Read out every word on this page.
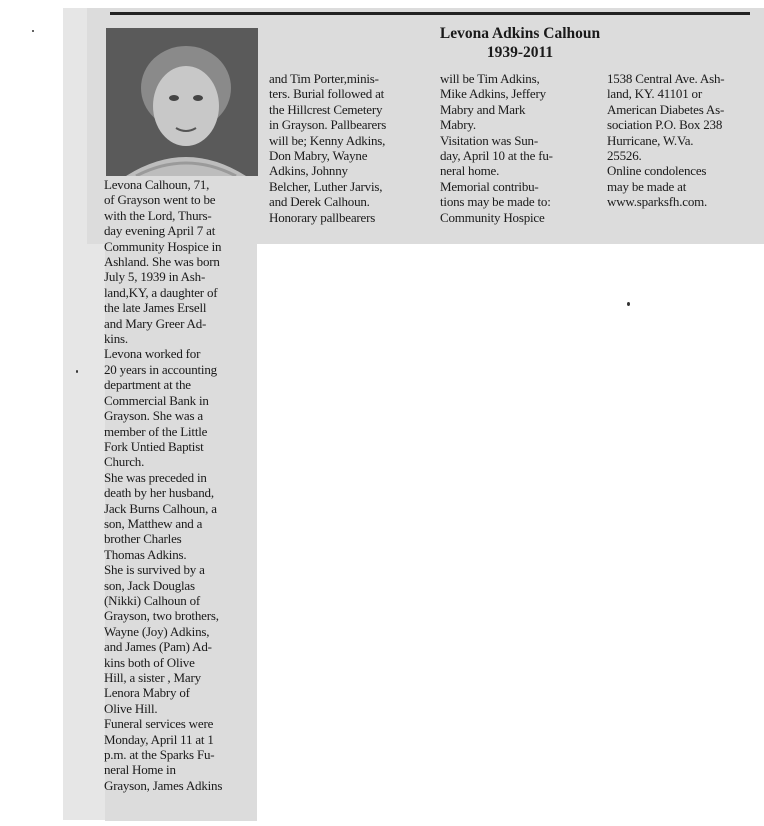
Levona Adkins Calhoun
1939-2011

Levona Calhoun, 71,
of Grayson went to be
with the Lord, Thurs-
day evening April 7 at
Community Hospice in
Ashland. She was born
July 5, 1939 in Ash-
land,KY, a daughter of
the late James Ersell
and Mary Greer Ad-
kins.

Levona worked for
20 years in accounting
department at the
Commercial Bank in
Grayson. She was a
member of the Little
Fork Untied Baptist
Church.

She was preceded in
death by her husband,
Jack Burns Calhoun, a
son, Matthew and a
brother Charles
Thomas Adkins.

She is survived by a
son, Jack Douglas
(Nikki) Calhoun of
Grayson, two brothers,
Wayne (Joy) Adkins,
and James (Pam) Ad-
kins both of Olive
Hill, a sister , Mary
Lenora Mabry of
Olive Hill.

Funeral services were
Monday, April 11 at 1
p.m. at the Sparks Fu-
neral Home in
Grayson, James Adkins

and Tim Porter,minis-
ters. Burial followed at
the Hillcrest Cemetery
in Grayson. Pallbearers
will be; Kenny Adkins,
Don Mabry, Wayne
Adkins, Johnny
Belcher, Luther Jarvis,
and Derek Calhoun.
Honorary pallbearers

will be Tim Adkins,
Mike Adkins, Jeffery
Mabry and Mark
Mabry.

Visitation was Sun-
day, April 10 at the fu-
neral home.

Memorial contribu-
tions may be made to:
Community Hospice

1538 Central Ave. Ash-
land, KY. 41101 or
American Diabetes As-
sociation P.O. Box 238
Hurricane, W.Va.
25526.

Online condolences
may be made at
www.sparksfh.com.
